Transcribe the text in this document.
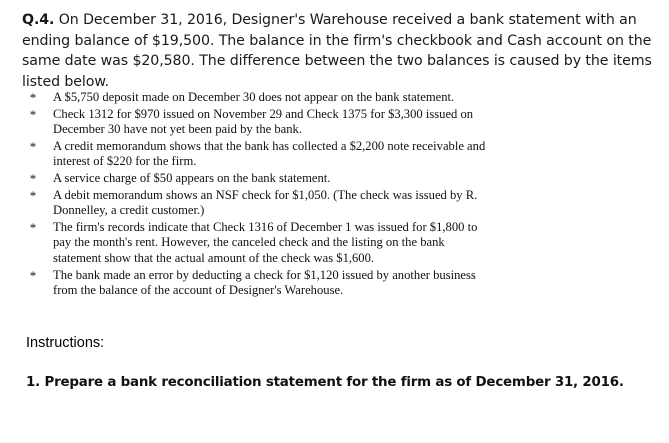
Q.4. On December 31, 2016, Designer's Warehouse received a bank statement with an ending balance of $19,500. The balance in the firm's checkbook and Cash account on the same date was $20,580. The difference between the two balances is caused by the items listed below.

* A $5,750 deposit made on December 30 does not appear on the bank statement.
* Check 1312 for $970 issued on November 29 and Check 1375 for $3,300 issued on December 30 have not yet been paid by the bank.
* A credit memorandum shows that the bank has collected a $2,200 note receivable and interest of $220 for the firm.
* A service charge of $50 appears on the bank statement.
* A debit memorandum shows an NSF check for $1,050. (The check was issued by R. Donnelley, a credit customer.)
* The firm's records indicate that Check 1316 of December 1 was issued for $1,800 to pay the month's rent. However, the canceled check and the listing on the bank statement show that the actual amount of the check was $1,600.
* The bank made an error by deducting a check for $1,120 issued by another business from the balance of the account of Designer's Warehouse.
Instructions:
1. Prepare a bank reconciliation statement for the firm as of December 31, 2016.
